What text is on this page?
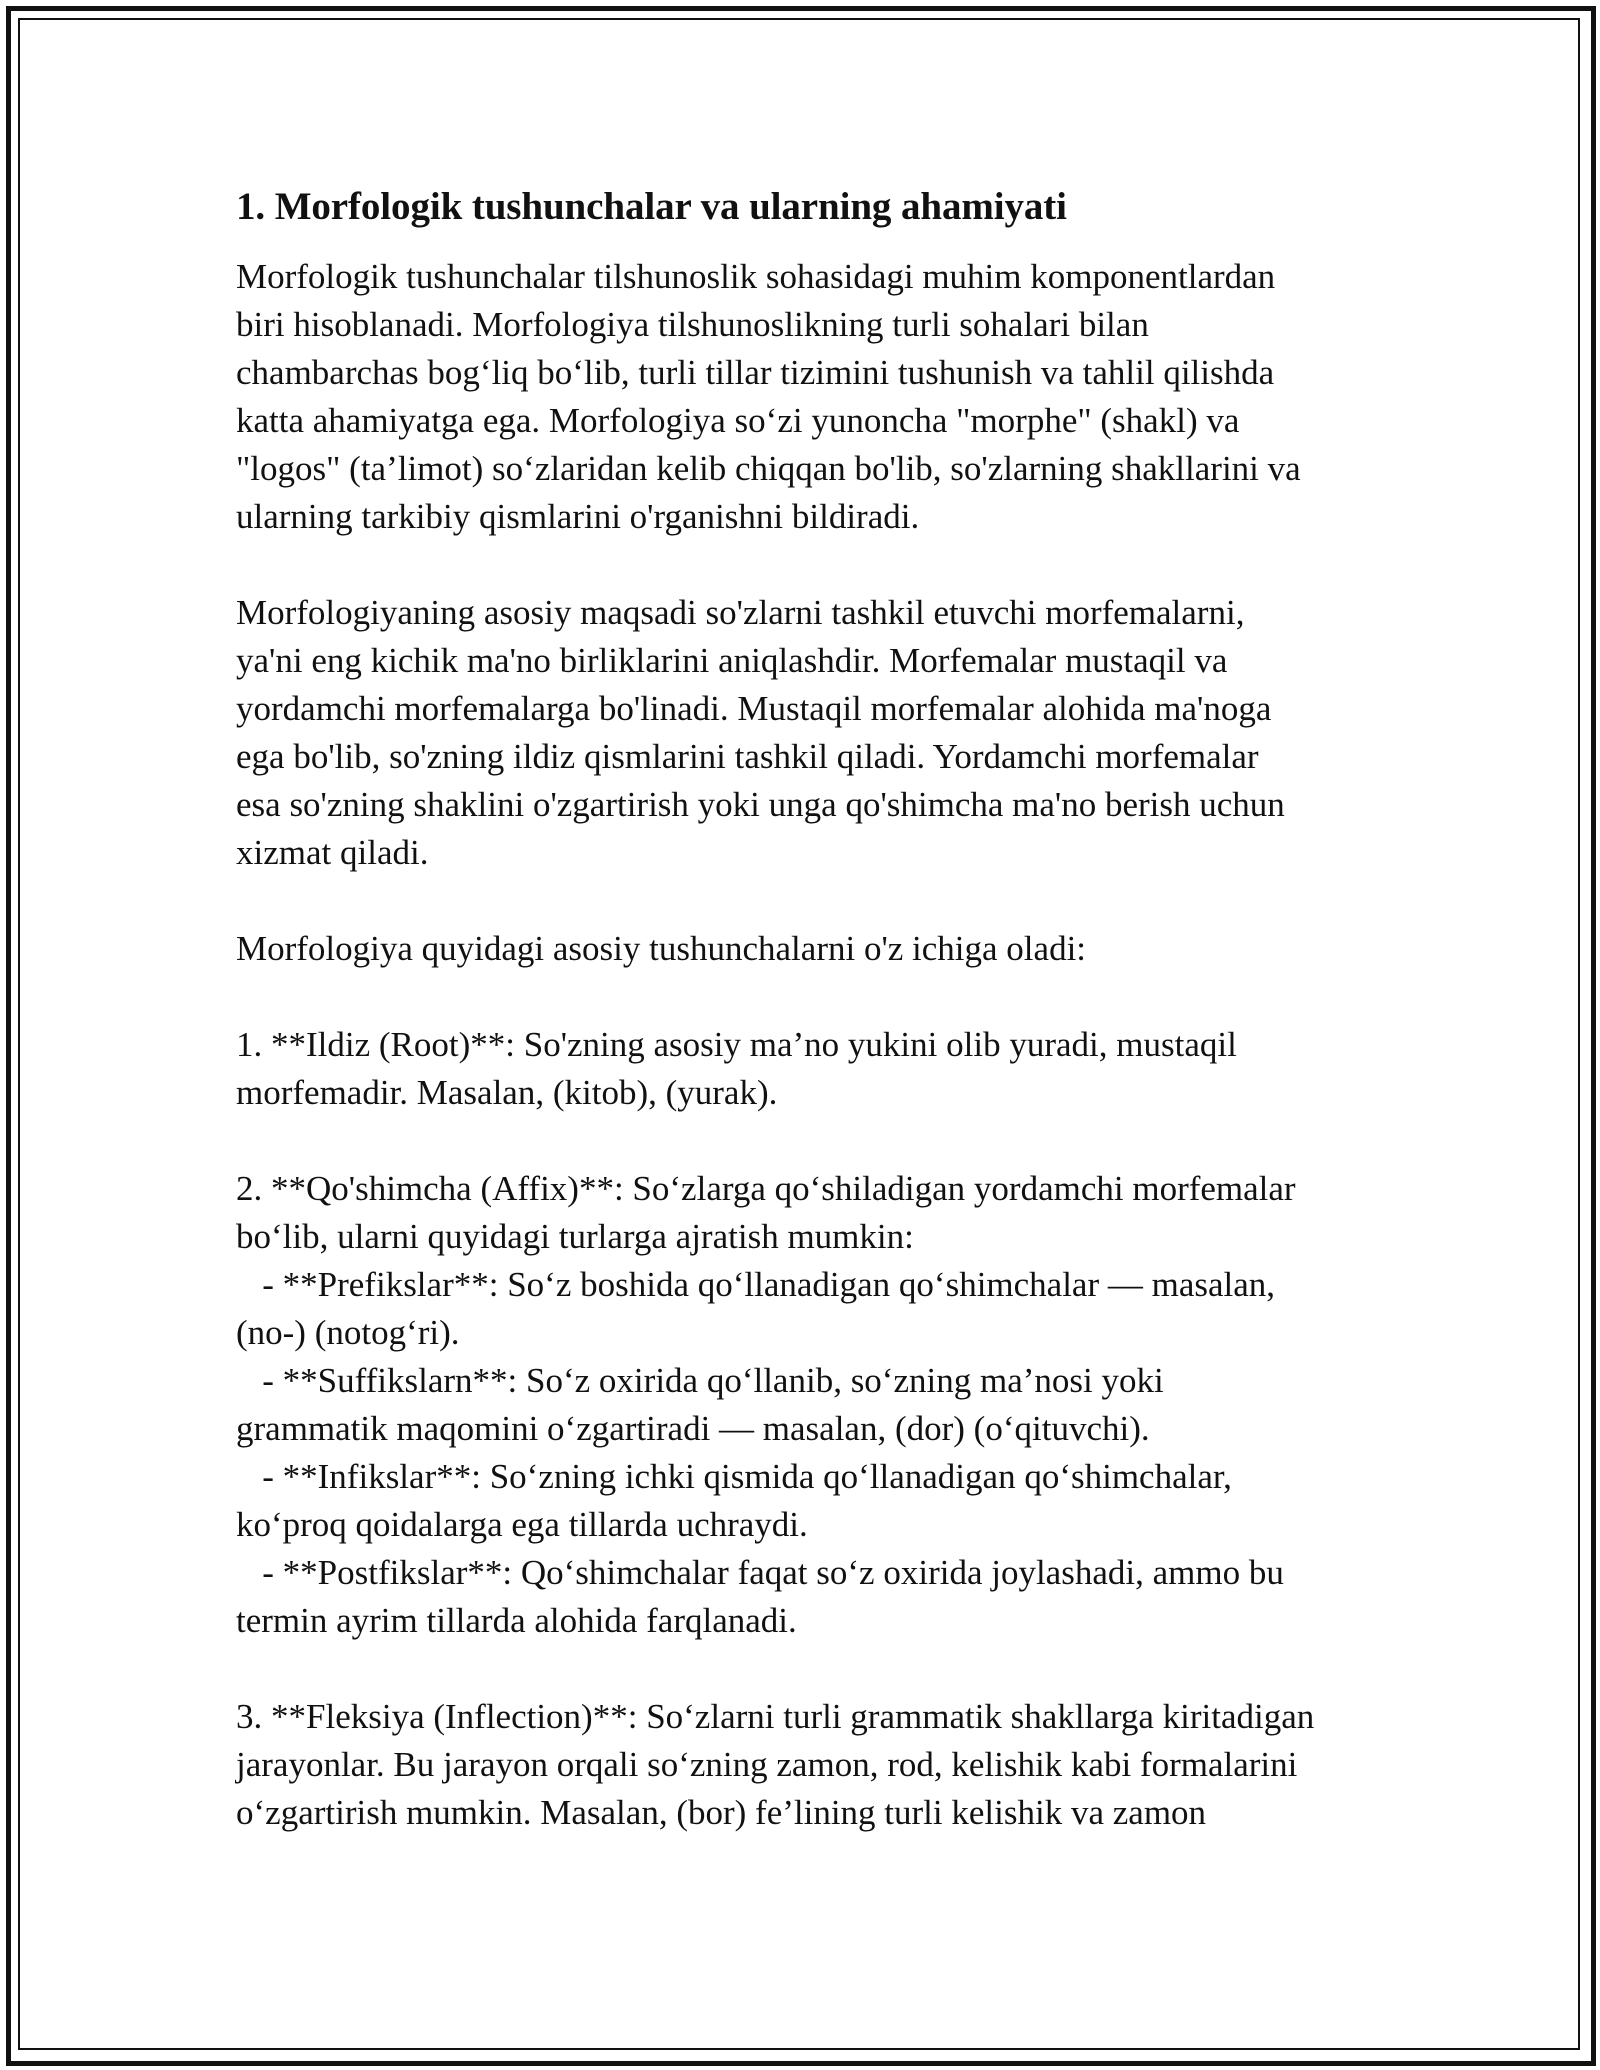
1. Morfologik tushunchalar va ularning ahamiyati
Morfologik tushunchalar tilshunoslik sohasidagi muhim komponentlardan
biri hisoblanadi. Morfologiya tilshunoslikning turli sohalari bilan
chambarchas bog‘liq bo‘lib, turli tillar tizimini tushunish va tahlil qilishda
katta ahamiyatga ega. Morfologiya so‘zi yunoncha "morphe" (shakl) va
"logos" (ta’limot) so‘zlaridan kelib chiqqan bo'lib, so'zlarning shakllarini va
ularning tarkibiy qismlarini o'rganishni bildiradi.
Morfologiyaning asosiy maqsadi so'zlarni tashkil etuvchi morfemalarni,
ya'ni eng kichik ma'no birliklarini aniqlashdir. Morfemalar mustaqil va
yordamchi morfemalarga bo'linadi. Mustaqil morfemalar alohida ma'noga
ega bo'lib, so'zning ildiz qismlarini tashkil qiladi. Yordamchi morfemalar
esa so'zning shaklini o'zgartirish yoki unga qo'shimcha ma'no berish uchun
xizmat qiladi.
Morfologiya quyidagi asosiy tushunchalarni o'z ichiga oladi:
1. **Ildiz (Root)**: So'zning asosiy ma’no yukini olib yuradi, mustaqil
morfemadir. Masalan, (kitob), (yurak).
2. **Qo'shimcha (Affix)**: So‘zlarga qo‘shiladigan yordamchi morfemalar
bo‘lib, ularni quyidagi turlarga ajratish mumkin:
- **Prefikslar**: So‘z boshida qo‘llanadigan qo‘shimchalar — masalan,
(no-) (notog‘ri).
- **Suffikslarn**: So‘z oxirida qo‘llanib, so‘zning ma’nosi yoki
grammatik maqomini o‘zgartiradi — masalan, (dor) (o‘qituvchi).
- **Infikslar**: So‘zning ichki qismida qo‘llanadigan qo‘shimchalar,
ko‘proq qoidalarga ega tillarda uchraydi.
- **Postfikslar**: Qo‘shimchalar faqat so‘z oxirida joylashadi, ammo bu
termin ayrim tillarda alohida farqlanadi.
3. **Fleksiya (Inflection)**: So‘zlarni turli grammatik shakllarga kiritadigan
jarayonlar. Bu jarayon orqali so‘zning zamon, rod, kelishik kabi formalarini
o‘zgartirish mumkin. Masalan, (bor) fe’lining turli kelishik va zamon
